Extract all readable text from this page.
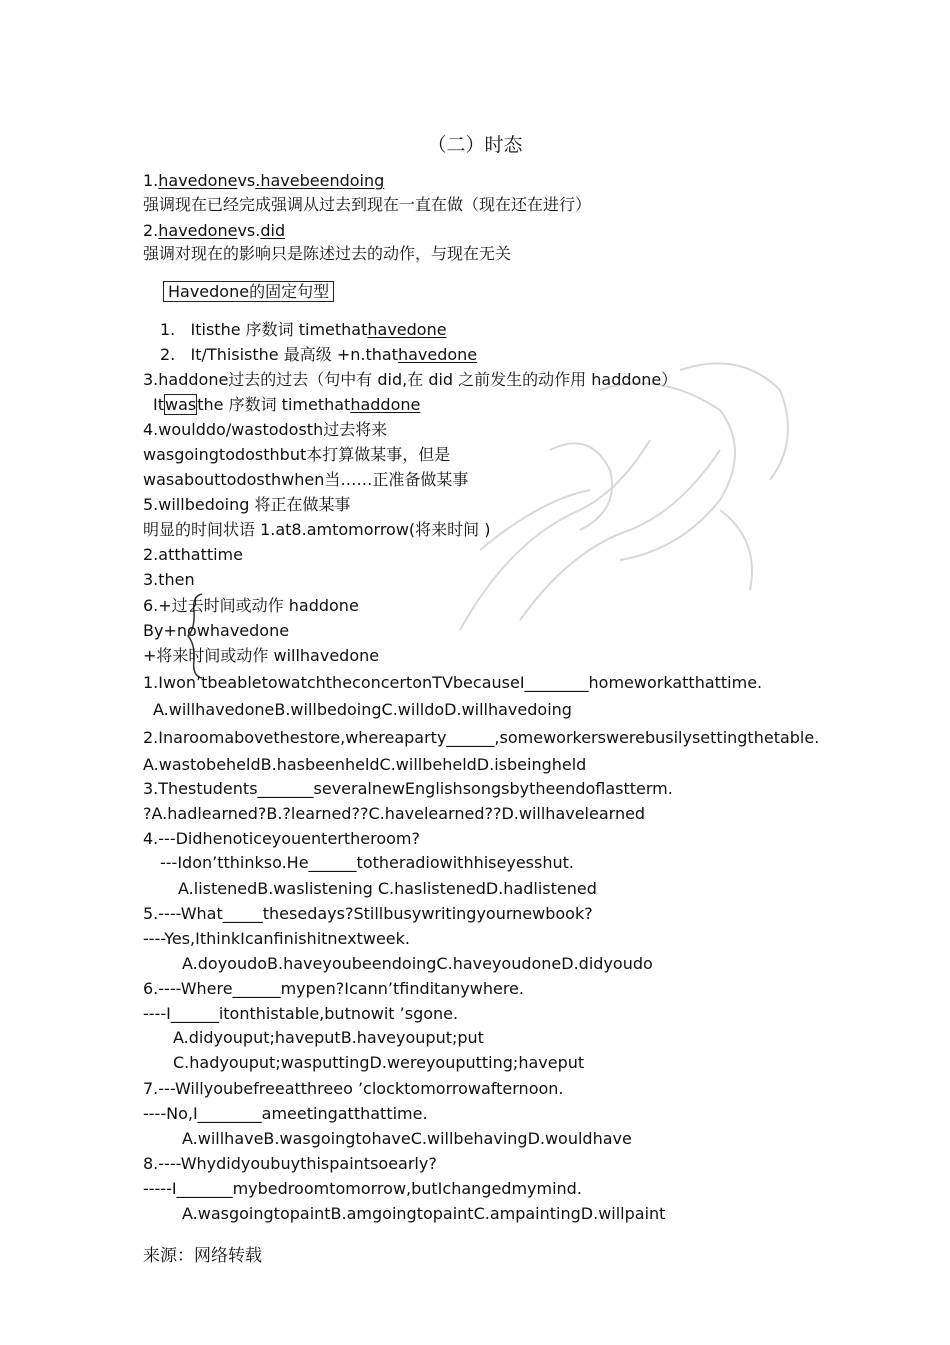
（二）时态
1.havedonevs.havebeendoing
强调现在已经完成强调从过去到现在一直在做（现在还在进行）
2.havedonevs.did
强调对现在的影响只是陈述过去的动作，与现在无关
Havedone的固定句型
1. Itisthe 序数词 timethathavedone
2. It/Thisisthe 最高级 +n.thathavedone
3.haddone过去的过去（句中有 did,在 did 之前发生的动作用 haddone）
Itwasthe 序数词 timethathaddone
4.woulddo/wastodosth过去将来
wasgoingtodosthbut本打算做某事，但是
wasabouttodosthwhen当……正准备做某事
5.willbedoing 将正在做某事
明显的时间状语 1.at8.amtomorrow(将来时间 )
2.atthattime
3.then
6.+过去时间或动作 haddone
By+nowhavedone
+将来时间或动作 willhavedone
1.Iwon’tbeabletowatchtheconcertonTVbecauseI________homeworkatthattime.
A.willhavedoneB.willbedoingC.willdoD.willhavedoing
2.Inaroomabovethestore,whereaparty______,someworkerswerebusilysettingthetable.
A.wastobeheldB.hasbeenheldC.willbeheldD.isbeingheld
3.Thestudents_______severalnewEnglishsongsbytheendoflastterm.
?A.hadlearned?B.?learned??C.havelearned??D.willhavelearned
4.---Didhenoticeyouentertheroom?
---Idon’tthinkso.He______totheradiowithhiseyesshut.
A.listenedB.waslistening C.haslistenedD.hadlistened
5.----What_____thesedays?Stillbusywritingyournewbook?
----Yes,IthinkIcanfinishitnextweek.
A.doyoudoB.haveyoubeendoingC.haveyoudoneD.didyoudo
6.----Where______mypen?Icann’tfinditanywhere.
----I______itonthistable,butnowit ’sgone.
A.didyouput;haveputB.haveyouput;put
C.hadyouput;wasputtingD.wereyouputting;haveput
7.---Willyoubefreeatthreeo ’clocktomorrowafternoon.
----No,I________ameetingatthattime.
A.willhaveB.wasgoingtohaveC.willbehavingD.wouldhave
8.----Whydidyoubuythispaintsoearly?
-----I_______mybedroomtomorrow,butIchangedmymind.
A.wasgoingtopaintB.amgoingtopaintC.ampaintingD.willpaint
来源：网络转载
